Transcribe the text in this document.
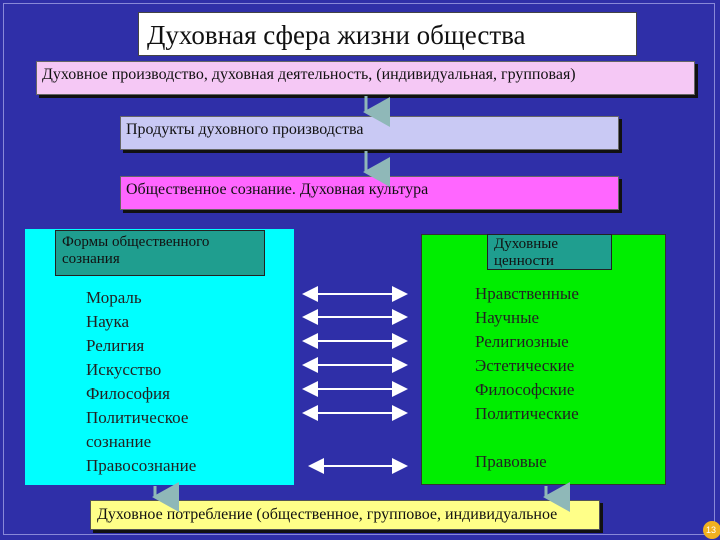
Духовная сфера жизни общества
Духовное производство, духовная деятельность, (индивидуальная, групповая)
Продукты духовного производства
Общественное сознание. Духовная культура
Формы общественного сознания
Духовные ценности
Мораль
Наука
Религия
Искусство
Философия
Политическое
сознание
Правосознание
Нравственные
Научные
Религиозные
Эстетические
Философские
Политические

Правовые
Духовное потребление (общественное, групповое, индивидуальное
13
